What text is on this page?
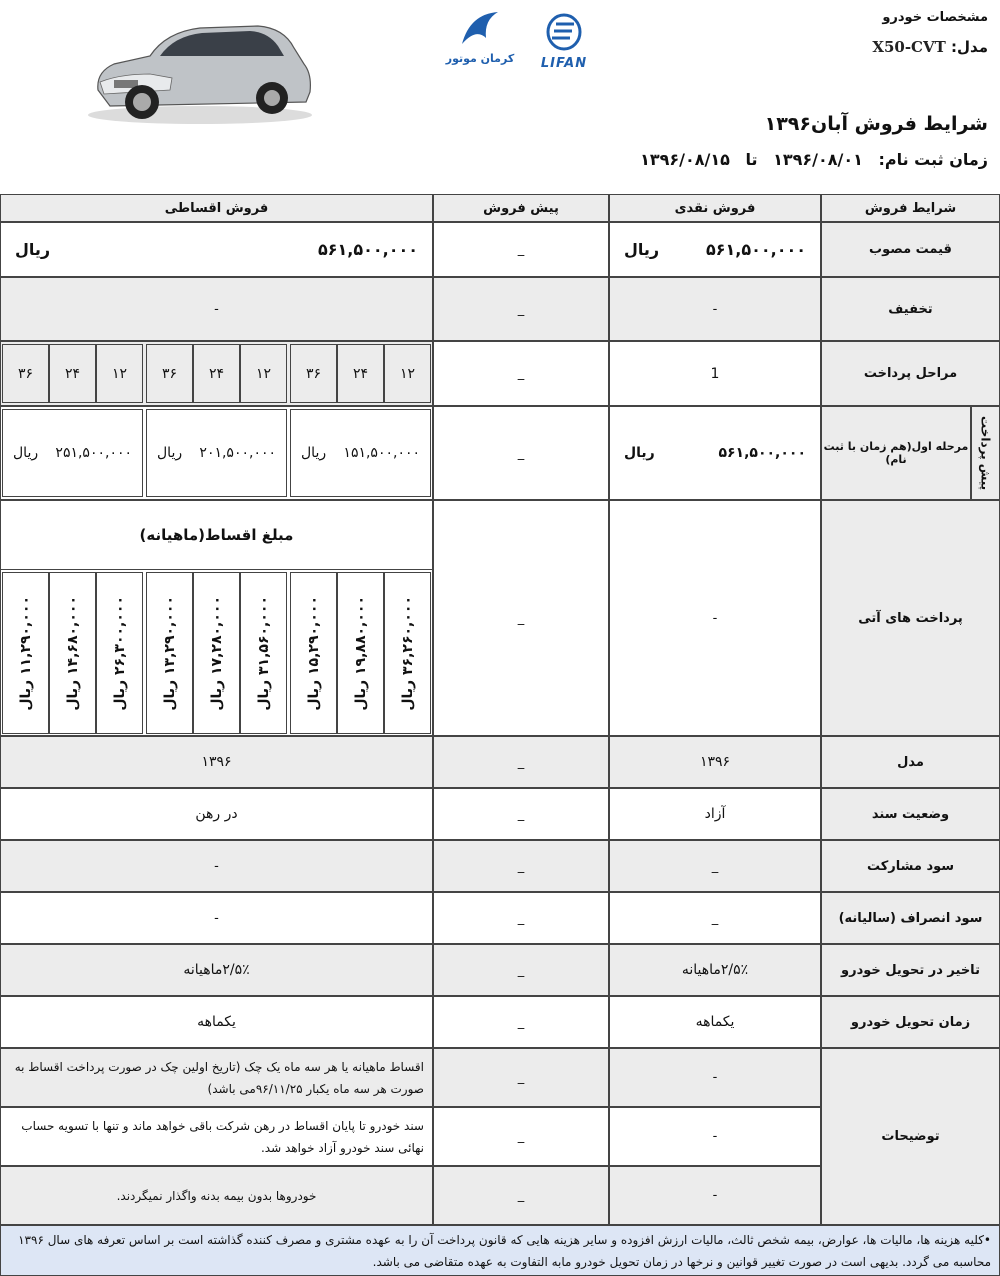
مشخصات خودرو
مدل: X50-CVT
شرایط فروش آبان۱۳۹۶
زمان ثبت نام: ۱۳۹۶/۰۸/۰۱ تا ۱۳۹۶/۰۸/۱۵
کرمان موتور	LIFAN
شرایط فروش
فروش نقدی
پیش فروش
فروش اقساطی
قیمت مصوب
۵۶۱,۵۰۰,۰۰۰
ریال
_
۵۶۱,۵۰۰,۰۰۰
ریال
تخفیف
-
_
-
مراحل پرداخت
1
_
۱۲
۲۴
۳۶
۱۲
۲۴
۳۶
۱۲
۲۴
۳۶
پیش پرداخت
مرحله اول(هم زمان با ثبت نام)
۵۶۱,۵۰۰,۰۰۰
ریال
_
۱۵۱,۵۰۰,۰۰۰
ریال
۲۰۱,۵۰۰,۰۰۰
ریال
۲۵۱,۵۰۰,۰۰۰
ریال
پرداخت های آتی
-
_
مبلغ اقساط(ماهیانه)
۳۶,۲۶۰,۰۰۰ ریال
۱۹,۸۸۰,۰۰۰ ریال
۱۵,۲۹۰,۰۰۰ ریال
۳۱,۵۶۰,۰۰۰ ریال
۱۷,۲۸۰,۰۰۰ ریال
۱۳,۲۹۰,۰۰۰ ریال
۲۶,۳۰۰,۰۰۰ ریال
۱۴,۶۸۰,۰۰۰ ریال
۱۱,۲۹۰,۰۰۰ ریال
مدل
۱۳۹۶
_
۱۳۹۶
وضعیت سند
آزاد
_
در رهن
سود مشارکت
_
_
-
سود انصراف (سالیانه)
_
_
-
تاخیر در تحویل خودرو
۲/۵٪ماهیانه
_
۲/۵٪ماهیانه
زمان تحویل خودرو
یکماهه
_
یکماهه
توضیحات
-
_
اقساط ماهیانه یا هر سه ماه یک چک (تاریخ اولین چک در صورت پرداخت اقساط به صورت هر سه ماه یکبار ۹۶/۱۱/۲۵می باشد)
-
_
سند خودرو تا پایان اقساط در رهن شرکت باقی خواهد ماند و تنها با تسویه حساب نهائی سند خودرو آزاد خواهد شد.
-
_
خودروها بدون بیمه بدنه واگذار نمیگردند.
•کلیه هزینه ها، مالیات ها، عوارض، بیمه شخص ثالث، مالیات ارزش افزوده و سایر هزینه هایی که قانون پرداخت آن را به عهده مشتری و مصرف کننده گذاشته است بر اساس تعرفه های سال ۱۳۹۶ محاسبه می گردد. بدیهی است در صورت تغییر قوانین و نرخها در زمان تحویل خودرو مابه التفاوت به عهده متقاضی می باشد.
